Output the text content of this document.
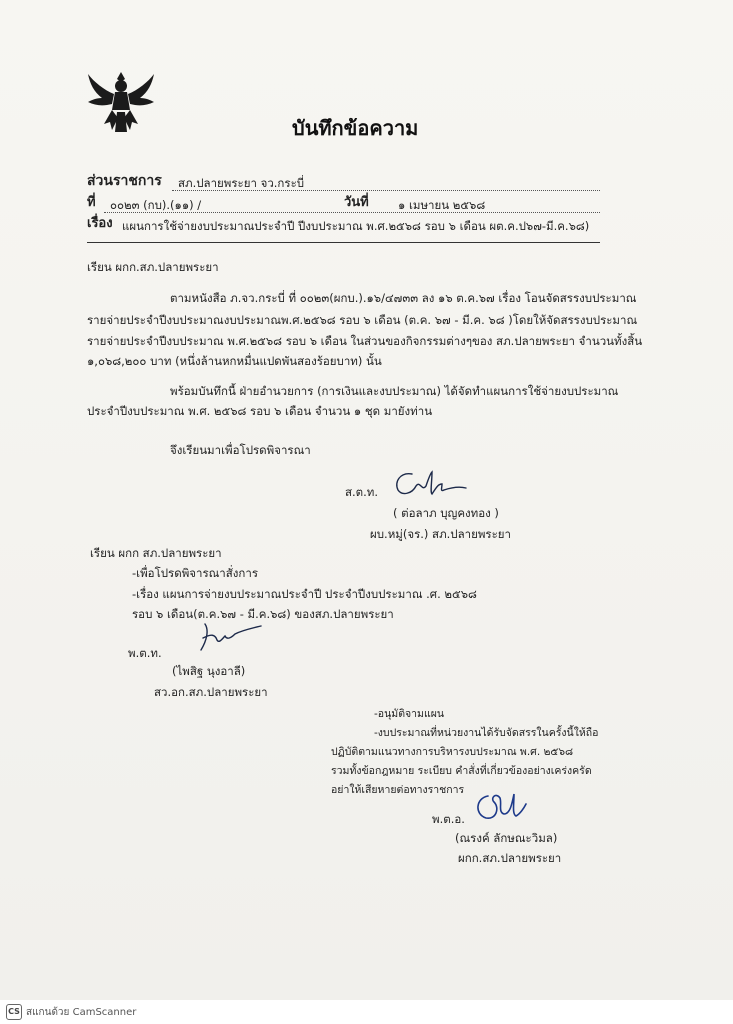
บันทึกข้อความ
ส่วนราชการ สภ.ปลายพระยา จว.กระบี่
ที่ ๐๐๒๓ (กบ).(๑๑) /	วันที่	๑ เมษายน ๒๕๖๘
เรื่อง แผนการใช้จ่ายงบประมาณประจำปี ปีงบประมาณ พ.ศ.๒๕๖๘ รอบ ๖ เดือน ผต.ค.ป๖๗-มี.ค.๖๘)
เรียน ผกก.สภ.ปลายพระยา
ตามหนังสือ ภ.จว.กระบี่ ที่ ๐๐๒๓(ผกบ.).๑๖/๔๗๓๓ ลง ๑๖ ต.ค.๖๗ เรื่อง โอนจัดสรรงบประมาณ
รายจ่ายประจำปีงบประมาณงบประมาณพ.ศ.๒๕๖๘ รอบ ๖ เดือน (ต.ค. ๖๗ - มี.ค. ๖๘ )โดยให้จัดสรรงบประมาณ
รายจ่ายประจำปีงบประมาณ พ.ศ.๒๕๖๘ รอบ ๖ เดือน ในส่วนของกิจกรรมต่างๆของ สภ.ปลายพระยา จำนวนทั้งสิ้น
๑,๐๖๘,๒๐๐ บาท (หนึ่งล้านหกหมื่นแปดพันสองร้อยบาท) นั้น
พร้อมบันทึกนี้ ฝ่ายอำนวยการ (การเงินและงบประมาณ) ได้จัดทำแผนการใช้จ่ายงบประมาณ
ประจำปีงบประมาณ พ.ศ. ๒๕๖๘ รอบ ๖ เดือน จำนวน ๑ ชุด มายังท่าน
จึงเรียนมาเพื่อโปรดพิจารณา
ส.ต.ท.
( ต่อลาภ บุญคงทอง )
ผบ.หมู่(จร.) สภ.ปลายพระยา
เรียน ผกก สภ.ปลายพระยา
-เพื่อโปรดพิจารณาสั่งการ
-เรื่อง แผนการจ่ายงบประมาณประจำปี ประจำปีงบประมาณ .ศ. ๒๕๖๘
รอบ ๖ เดือน(ต.ค.๖๗ - มี.ค.๖๘) ของสภ.ปลายพระยา
พ.ต.ท.
(ไพสิฐ นุงอาลี)
สว.อก.สภ.ปลายพระยา
-อนุมัติจามแผน
-งบประมาณที่หน่วยงานได้รับจัดสรรในครั้งนี้ให้ถือ
ปฏิบัติตามแนวทางการบริหารงบประมาณ พ.ศ. ๒๕๖๘
รวมทั้งข้อกฎหมาย ระเบียบ คำสั่งที่เกี่ยวข้องอย่างเคร่งครัด
อย่าให้เสียหายต่อทางราชการ
พ.ต.อ.
(ณรงค์ ลักษณะวิมล)
ผกก.สภ.ปลายพระยา
CS สแกนด้วย CamScanner
